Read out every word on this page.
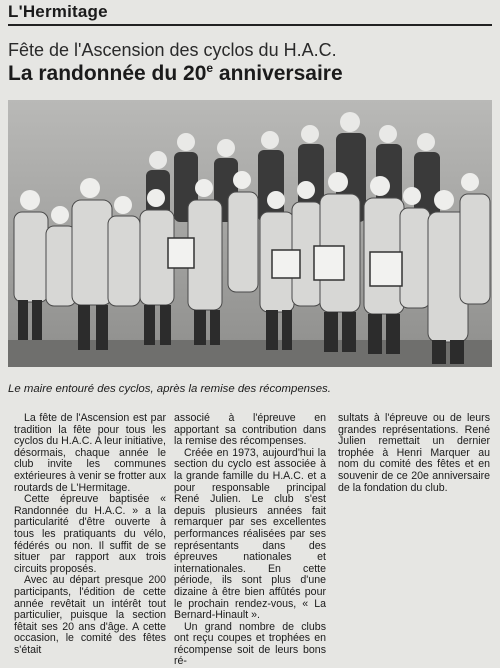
L'Hermitage
Fête de l'Ascension des cyclos du H.A.C.
La randonnée du 20e anniversaire
Le maire entouré des cyclos, après la remise des récompenses.

La fête de l'Ascension est par tradition la fête pour tous les cyclos du H.A.C. A leur initiative, désormais, chaque année le club invite les communes extérieures à venir se frotter aux routards de L'Hermitage.

Cette épreuve baptisée « Randonnée du H.A.C. » a la particularité d'être ouverte à tous les pratiquants du vélo, fédérés ou non. Il suffit de se situer par rapport aux trois circuits proposés.

Avec au départ presque 200 participants, l'édition de cette année revêtait un intérêt tout particulier, puisque la section fêtait ses 20 ans d'âge. A cette occasion, le comité des fêtes s'était

associé à l'épreuve en apportant sa contribution dans la remise des récompenses.

Créée en 1973, aujourd'hui la section du cyclo est associée à la grande famille du H.A.C. et a pour responsable principal René Julien. Le club s'est depuis plusieurs années fait remarquer par ses excellentes performances réalisées par ses représentants dans des épreuves nationales et internationales. En cette période, ils sont plus d'une dizaine à être bien affûtés pour le prochain rendez-vous, « La Bernard-Hinault ».

Un grand nombre de clubs ont reçu coupes et trophées en récompense soit de leurs bons ré-

sultats à l'épreuve ou de leurs grandes représentations. René Julien remettait un dernier trophée à Henri Marquer au nom du comité des fêtes et en souvenir de ce 20e anniversaire de la fondation du club.
